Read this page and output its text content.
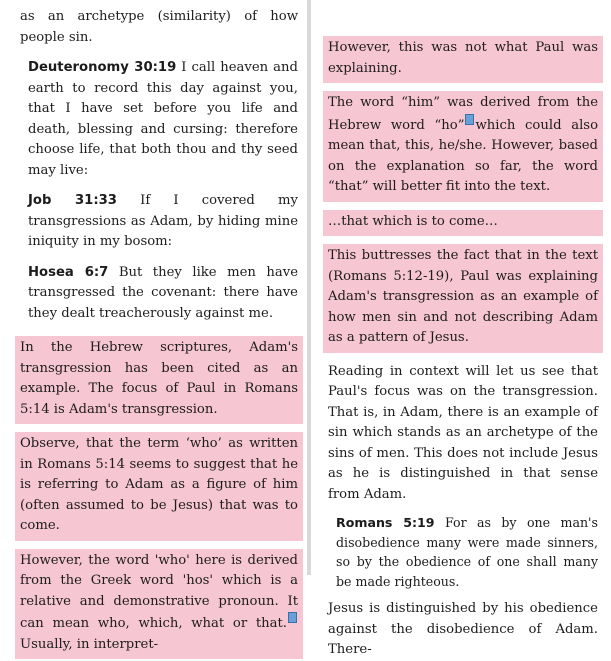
as an archetype (similarity) of how people sin.

Deuteronomy 30:19 I call heaven and earth to record this day against you, that I have set before you life and death, blessing and cursing: therefore choose life, that both thou and thy seed may live:

Job 31:33 If I covered my transgressions as Adam, by hiding mine iniquity in my bosom:

Hosea 6:7 But they like men have transgressed the covenant: there have they dealt treacherously against me.

In the Hebrew scriptures, Adam's transgression has been cited as an example. The focus of Paul in Romans 5:14 is Adam's transgression.

Observe, that the term ‘who’ as written in Romans 5:14 seems to suggest that he is referring to Adam as a figure of him (often assumed to be Jesus) that was to come.

However, the word 'who' here is derived from the Greek word 'hos' which is a relative and demonstrative pronoun. It can mean who, which, what or that. Usually, in interpret-

However, this was not what Paul was explaining.

The word “him” was derived from the Hebrew word “ho” which could also mean that, this, he/she. However, based on the explanation so far, the word “that” will better fit into the text.

…that which is to come…

This buttresses the fact that in the text (Romans 5:12-19), Paul was explaining Adam's transgression as an example of how men sin and not describing Adam as a pattern of Jesus.

Reading in context will let us see that Paul's focus was on the transgression. That is, in Adam, there is an example of sin which stands as an archetype of the sins of men. This does not include Jesus as he is distinguished in that sense from Adam.

Romans 5:19 For as by one man's disobedience many were made sinners, so by the obedience of one shall many be made righteous.

Jesus is distinguished by his obedience against the disobedience of Adam. There-
